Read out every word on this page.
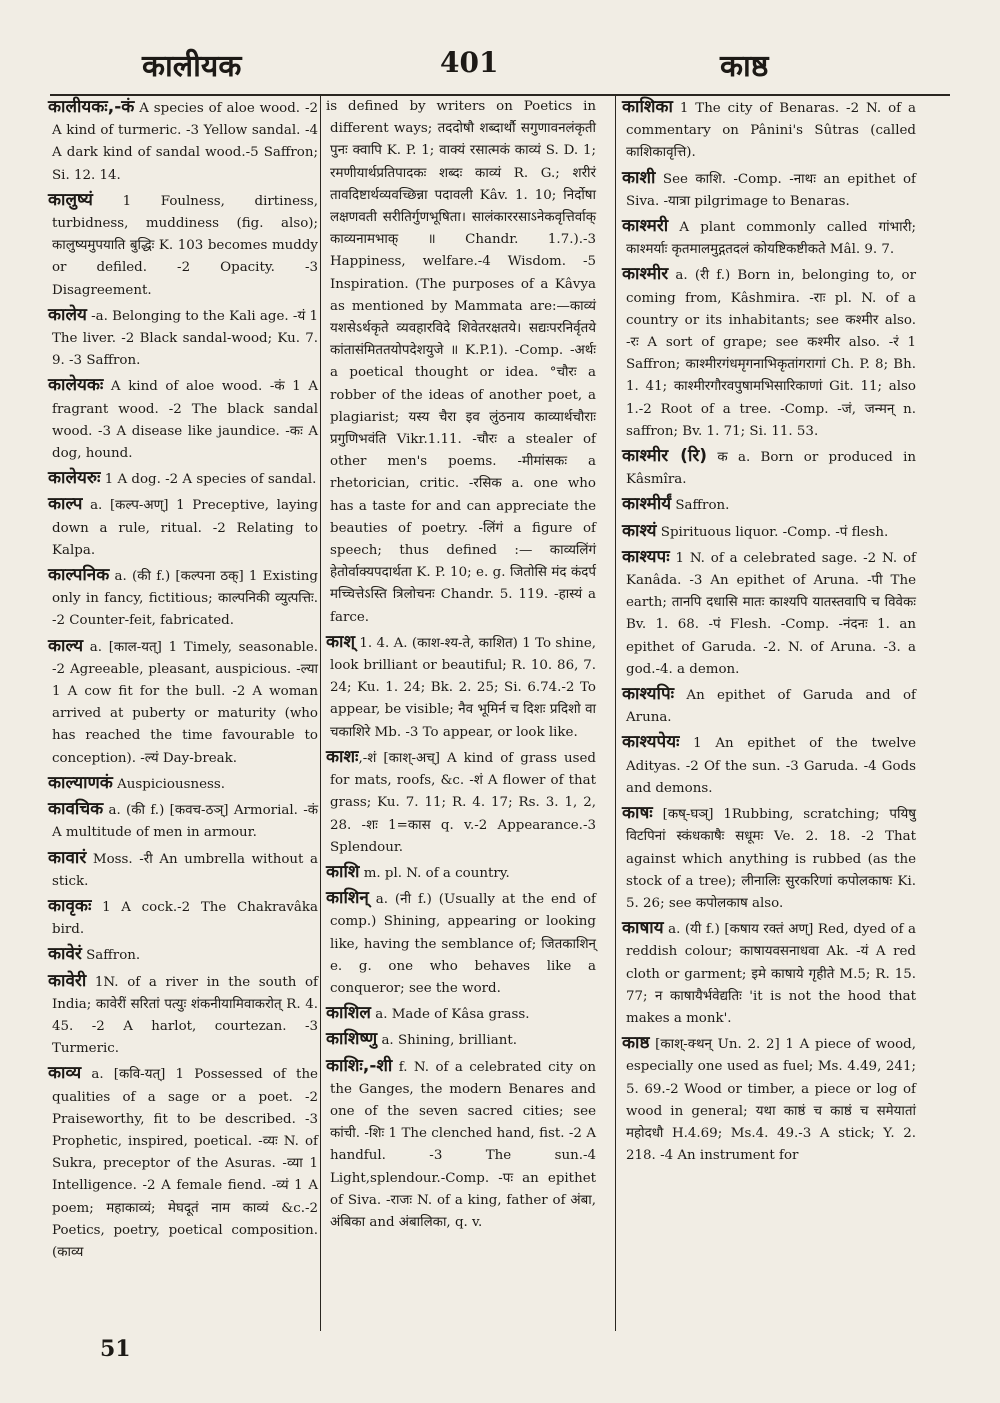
कालीयक	401	काष्ठ
कालीयकः,-कं A species of aloe wood. -2 A kind of turmeric. -3 Yellow sandal. -4 A dark kind of sandal wood.-5 Saffron; Si. 12. 14.
कालुष्यं 1 Foulness, dirtiness, turbidness, muddiness (fig. also); कालुष्यमुपयाति बुद्धिः K. 103 becomes muddy or defiled. -2 Opacity. -3 Disagreement.
कालेय -a. Belonging to the Kali age. -यं 1 The liver. -2 Black sandal-wood; Ku. 7. 9. -3 Saffron.
कालेयकः A kind of aloe wood. -कं 1 A fragrant wood. -2 The black sandal wood. -3 A disease like jaundice. -कः A dog, hound.
कालेयरुः 1 A dog. -2 A species of sandal.
काल्प a. [कल्प-अण्] 1 Preceptive, laying down a rule, ritual. -2 Relating to Kalpa.
काल्पनिक a. (की f.) [कल्पना ठक्] 1 Existing only in fancy, fictitious; काल्पनिकी व्युत्पत्तिः. -2 Counter-feit, fabricated.
काल्य a. [काल-यत्] 1 Timely, seasonable. -2 Agreeable, pleasant, auspicious. -ल्या 1 A cow fit for the bull. -2 A woman arrived at puberty or maturity (who has reached the time favourable to conception). -ल्यं Day-break.
काल्याणकं Auspiciousness.
कावचिक a. (की f.) [कवच-ठञ्] Armorial. -कं A multitude of men in armour.
कावारं Moss. -री An umbrella without a stick.
कावृकः 1 A cock.-2 The Chakravâka bird.
कावेरं Saffron.
कावेरी 1N. of a river in the south of India; कावेरीं सरितां पत्युः शंकनीयामिवाकरोत् R. 4. 45. -2 A harlot, courtezan. -3 Turmeric.
काव्य a. [कवि-यत्] 1 Possessed of the qualities of a sage or a poet. -2 Praiseworthy, fit to be described. -3 Prophetic, inspired, poetical. -व्यः N. of Sukra, preceptor of the Asuras. -व्या 1 Intelligence. -2 A female fiend. -व्यं 1 A poem; महाकाव्यं; मेघदूतं नाम काव्यं &c.-2 Poetics, poetry, poetical composition. (काव्य
is defined by writers on Poetics in different ways; तददोषौ शब्दार्थौ सगुणावनलंकृती पुनः क्वापि K. P. 1; वाक्यं रसात्मकं काव्यं S. D. 1; रमणीयार्थप्रतिपादकः शब्दः काव्यं R. G.; शरीरं तावदिष्टार्थव्यवच्छिन्ना पदावली Kâv. 1. 10; निर्दोषा लक्षणवती सरीतिर्गुणभूषिता। सालंकाररसाऽनेकवृत्तिर्वाक् काव्यनामभाक् ॥ Chandr. 1.7.).-3 Happiness, welfare.-4 Wisdom. -5 Inspiration. (The purposes of a Kâvya as mentioned by Mammata are:—काव्यं यशसेऽर्थकृते व्यवहारविदे शिवेतरक्षतये। सद्यःपरनिर्वृतये कांतासंमिततयोपदेशयुजे ॥ K.P.1). -Comp. -अर्थः a poetical thought or idea. °चौरः a robber of the ideas of another poet, a plagiarist; यस्य चैरा इव लुंठनाय काव्यार्थचौराः प्रगुणिभवंति Vikr.1.11. -चौरः a stealer of other men's poems. -मीमांसकः a rhetorician, critic. -रसिक a. one who has a taste for and can appreciate the beauties of poetry. -लिंगं a figure of speech; thus defined :— काव्यलिंगं हेतोर्वाक्यपदार्थता K. P. 10; e. g. जितोसि मंद कंदर्प मच्चित्तेऽस्ति त्रिलोचनः Chandr. 5. 119. -हास्यं a farce.
काश् 1. 4. A. (काश-श्य-ते, काशित) 1 To shine, look brilliant or beautiful; R. 10. 86, 7. 24; Ku. 1. 24; Bk. 2. 25; Si. 6.74.-2 To appear, be visible; नैव भूमिर्न च दिशः प्रदिशो वा चकाशिरे Mb. -3 To appear, or look like.
काशः,-शं [काश्-अच्] A kind of grass used for mats, roofs, &c. -शं A flower of that grass; Ku. 7. 11; R. 4. 17; Rs. 3. 1, 2, 28. -शः 1=कास q. v.-2 Appearance.-3 Splendour.
काशि m. pl. N. of a country.
काशिन् a. (नी f.) (Usually at the end of comp.) Shining, appearing or looking like, having the semblance of; जितकाशिन् e. g. one who behaves like a conqueror; see the word.
काशिल a. Made of Kâsa grass.
काशिष्णु a. Shining, brilliant.
काशिः,-शी f. N. of a celebrated city on the Ganges, the modern Benares and one of the seven sacred cities; see कांची. -शिः 1 The clenched hand, fist. -2 A handful. -3 The sun.-4 Light,splendour.-Comp. -पः an epithet of Siva. -राजः N. of a king, father of अंबा, अंबिका and अंबालिका, q. v.
काशिका 1 The city of Benaras. -2 N. of a commentary on Pânini's Sûtras (called काशिकावृत्ति).
काशी See काशि. -Comp. -नाथः an epithet of Siva. -यात्रा pilgrimage to Benaras.
काश्मरी A plant commonly called गांभारी; काश्मर्याः कृतमालमुद्गतदलं कोयष्टिकष्टीकते Mâl. 9. 7.
काश्मीर a. (री f.) Born in, belonging to, or coming from, Kâshmira. -राः pl. N. of a country or its inhabitants; see कश्मीर also. -रः A sort of grape; see कश्मीर also. -रं 1 Saffron; काश्मीरगंधमृगनाभिकृतांगरागां Ch. P. 8; Bh. 1. 41; काश्मीरगौरवपुषामभिसारिकाणां Git. 11; also 1.-2 Root of a tree. -Comp. -जं, जन्मन् n. saffron; Bv. 1. 71; Si. 11. 53.
काश्मीर (रि) क a. Born or produced in Kâsmîra.
काश्मीर्यं Saffron.
काश्यं Spirituous liquor. -Comp. -पं flesh.
काश्यपः 1 N. of a celebrated sage. -2 N. of Kanâda. -3 An epithet of Aruna. -पी The earth; तानपि दधासि मातः काश्यपि यातस्तवापि च विवेकः Bv. 1. 68. -पं Flesh. -Comp. -नंदनः 1. an epithet of Garuda. -2. N. of Aruna. -3. a god.-4. a demon.
काश्यपिः An epithet of Garuda and of Aruna.
काश्यपेयः 1 An epithet of the twelve Adityas. -2 Of the sun. -3 Garuda. -4 Gods and demons.
काषः [कष्-घञ्] 1Rubbing, scratching; पयिषु विटपिनां स्कंधकाषैः सधूमः Ve. 2. 18. -2 That against which anything is rubbed (as the stock of a tree); लीनालिः सुरकरिणां कपोलकाषः Ki. 5. 26; see कपोलकाष also.
काषाय a. (यी f.) [कषाय रक्तं अण्] Red, dyed of a reddish colour; काषायवसनाधवा Ak. -यं A red cloth or garment; इमे काषाये गृहीते M.5; R. 15. 77; न काषायैर्भवेद्यतिः 'it is not the hood that makes a monk'.
काष्ठ [काश्-क्थन् Un. 2. 2] 1 A piece of wood, especially one used as fuel; Ms. 4.49, 241; 5. 69.-2 Wood or timber, a piece or log of wood in general; यथा काष्ठं च काष्ठं च समेयातां महोदधौ H.4.69; Ms.4. 49.-3 A stick; Y. 2. 218. -4 An instrument for
51
